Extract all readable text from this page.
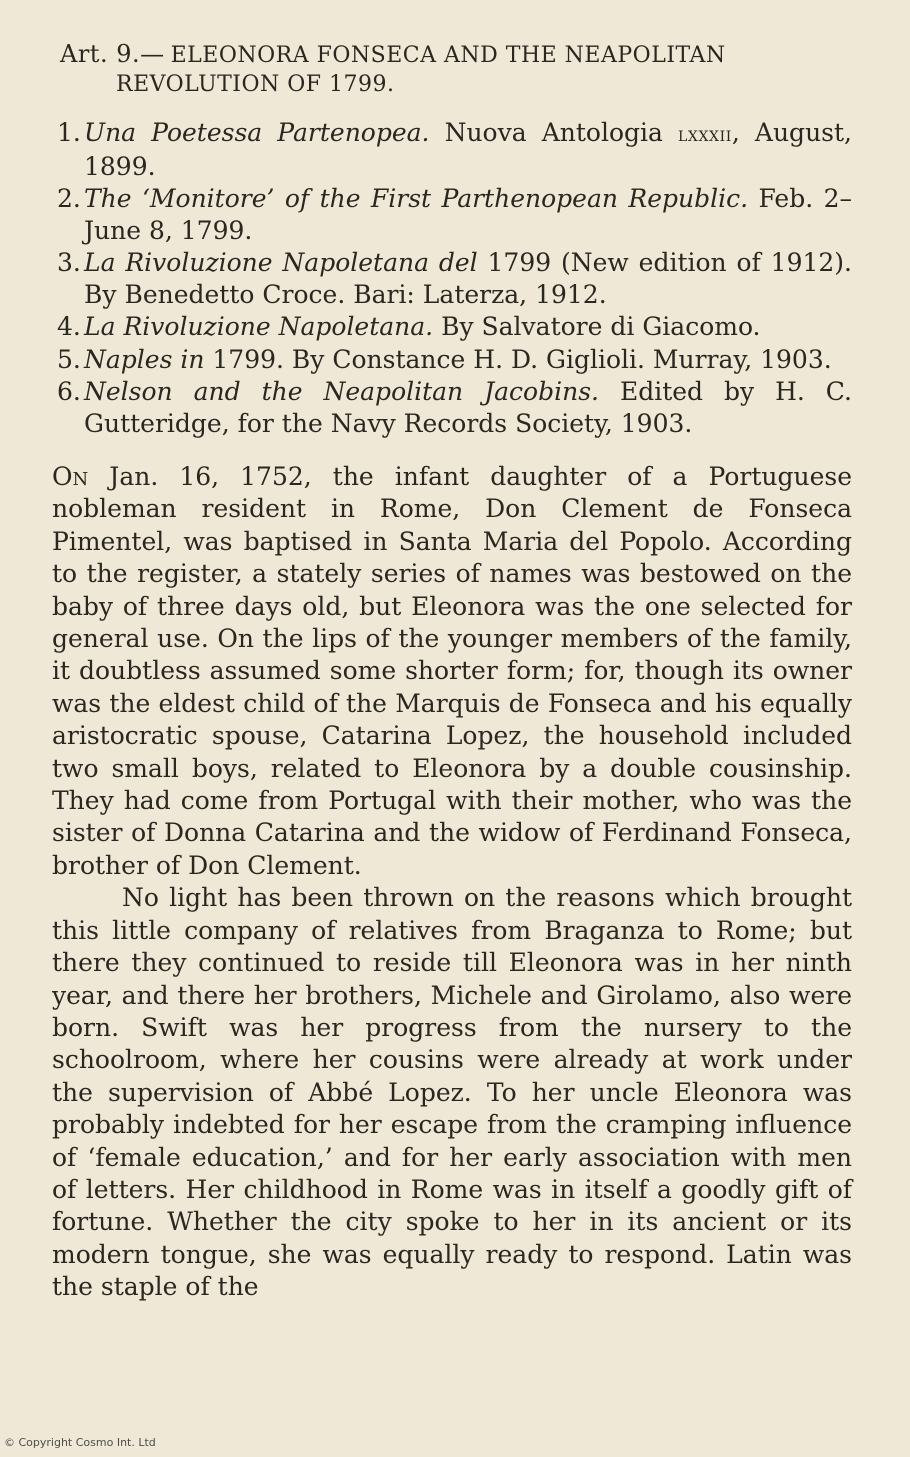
Art. 9.— ELEONORA FONSECA AND THE NEAPOLITAN
REVOLUTION OF 1799.
1. Una Poetessa Partenopea. Nuova Antologia lxxxii, August, 1899.
2. The ‘Monitore’ of the First Parthenopean Republic. Feb. 2–June 8, 1799.
3. La Rivoluzione Napoletana del 1799 (New edition of 1912). By Benedetto Croce. Bari: Laterza, 1912.
4. La Rivoluzione Napoletana. By Salvatore di Giacomo.
5. Naples in 1799. By Constance H. D. Giglioli. Murray, 1903.
6. Nelson and the Neapolitan Jacobins. Edited by H. C. Gutteridge, for the Navy Records Society, 1903.

On Jan. 16, 1752, the infant daughter of a Portuguese nobleman resident in Rome, Don Clement de Fonseca Pimentel, was baptised in Santa Maria del Popolo. According to the register, a stately series of names was bestowed on the baby of three days old, but Eleonora was the one selected for general use. On the lips of the younger members of the family, it doubtless assumed some shorter form; for, though its owner was the eldest child of the Marquis de Fonseca and his equally aristocratic spouse, Catarina Lopez, the household included two small boys, related to Eleonora by a double cousinship. They had come from Portugal with their mother, who was the sister of Donna Catarina and the widow of Ferdinand Fonseca, brother of Don Clement.

No light has been thrown on the reasons which brought this little company of relatives from Braganza to Rome; but there they continued to reside till Eleonora was in her ninth year, and there her brothers, Michele and Girolamo, also were born. Swift was her progress from the nursery to the schoolroom, where her cousins were already at work under the supervision of Abbé Lopez. To her uncle Eleonora was probably indebted for her escape from the cramping influence of ‘female education,’ and for her early association with men of letters. Her childhood in Rome was in itself a goodly gift of fortune. Whether the city spoke to her in its ancient or its modern tongue, she was equally ready to respond. Latin was the staple of the

© Copyright Cosmo Int. Ltd
